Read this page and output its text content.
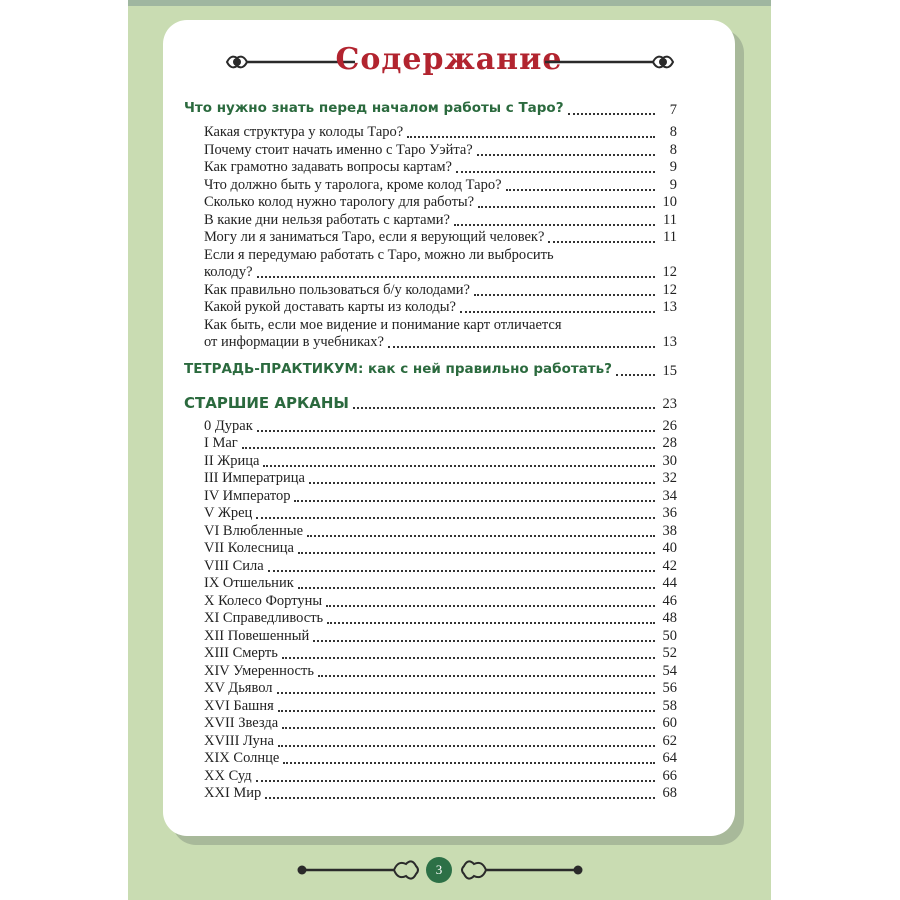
Содержание
Что нужно знать перед началом работы с Таро?	7
Какая структура у колоды Таро?	8
Почему стоит начать именно с Таро Уэйта?	8
Как грамотно задавать вопросы картам?	9
Что должно быть у таролога, кроме колод Таро?	9
Сколько колод нужно тарологу для работы?	10
В какие дни нельзя работать с картами?	11
Могу ли я заниматься Таро, если я верующий человек?	11
Если я передумаю работать с Таро, можно ли выбросить
колоду?	12
Как правильно пользоваться б/у колодами?	12
Какой рукой доставать карты из колоды?	13
Как быть, если мое видение и понимание карт отличается
от информации в учебниках?	13
ТЕТРАДЬ-ПРАКТИКУМ: как с ней правильно работать?	15
СТАРШИЕ АРКАНЫ	23
0 Дурак	26
I Маг	28
II Жрица	30
III Императрица	32
IV Император	34
V Жрец	36
VI Влюбленные	38
VII Колесница	40
VIII Сила	42
IX Отшельник	44
X Колесо Фортуны	46
XI Справедливость	48
XII Повешенный	50
XIII Смерть	52
XIV Умеренность	54
XV Дьявол	56
XVI Башня	58
XVII Звезда	60
XVIII Луна	62
XIX Солнце	64
XX Суд	66
XXI Мир	68
3
